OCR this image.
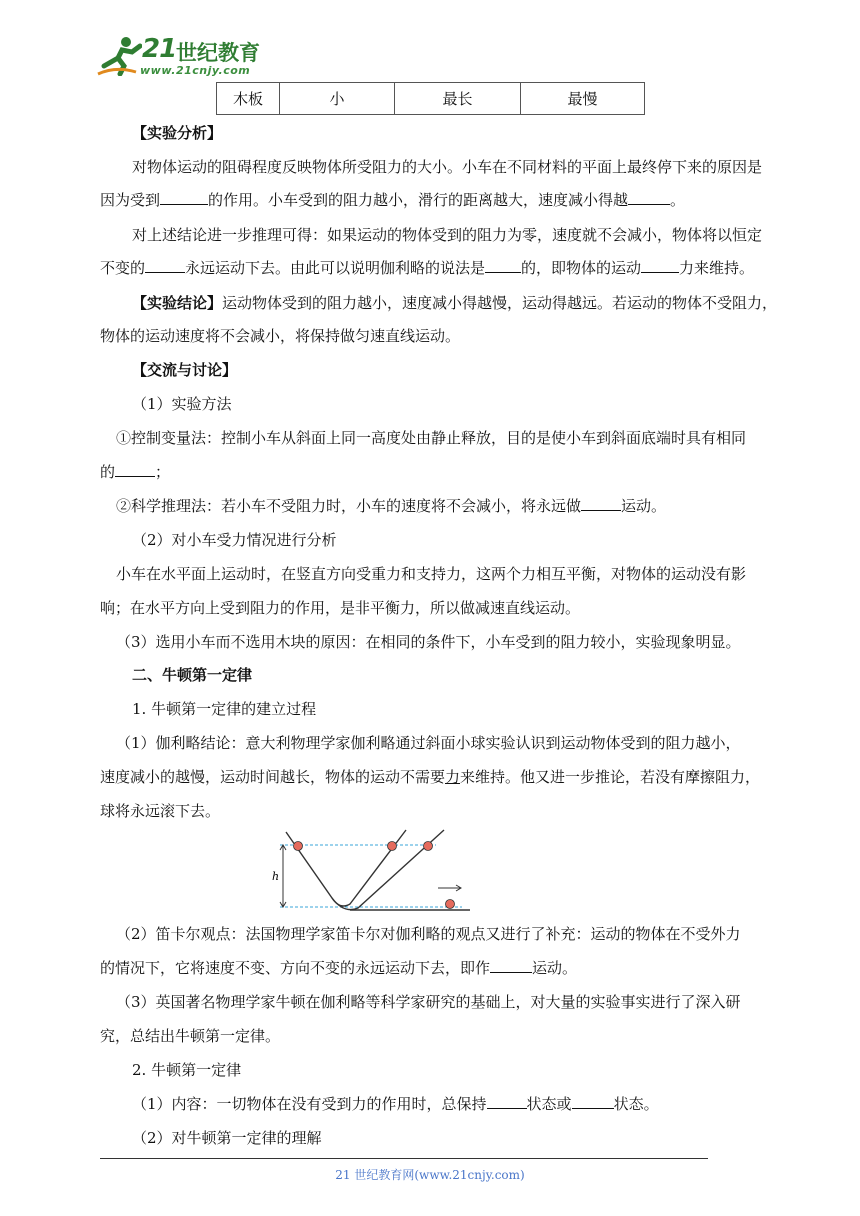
21 世纪教育
www.21cnjy.com
木板	小	最长	最慢
【实验分析】
对物体运动的阻碍程度反映物体所受阻力的大小。小车在不同材料的平面上最终停下来的原因是
因为受到	的作用。小车受到的阻力越小，滑行的距离越大，速度减小得越	。
对上述结论进一步推理可得：如果运动的物体受到的阻力为零，速度就不会减小，物体将以恒定
不变的	永远运动下去。由此可以说明伽利略的说法是 的，即物体的运动	力来维持。
【实验结论】运动物体受到的阻力越小，速度减小得越慢，运动得越远。若运动的物体不受阻力，
物体的运动速度将不会减小，将保持做匀速直线运动。
【交流与讨论】
（1）实验方法
①控制变量法：控制小车从斜面上同一高度处由静止释放，目的是使小车到斜面底端时具有相同
的	；
②科学推理法：若小车不受阻力时，小车的速度将不会减小，将永远做	运动。
（2）对小车受力情况进行分析
小车在水平面上运动时，在竖直方向受重力和支持力，这两个力相互平衡，对物体的运动没有影
响；在水平方向上受到阻力的作用，是非平衡力，所以做减速直线运动。
（3）选用小车而不选用木块的原因：在相同的条件下，小车受到的阻力较小，实验现象明显。
二、牛顿第一定律
1. 牛顿第一定律的建立过程
（1）伽利略结论：意大利物理学家伽利略通过斜面小球实验认识到运动物体受到的阻力越小，
速度减小的越慢，运动时间越长，物体的运动不需要力来维持。他又进一步推论，若没有摩擦阻力，
球将永远滚下去。
h
（2）笛卡尔观点：法国物理学家笛卡尔对伽利略的观点又进行了补充：运动的物体在不受外力
的情况下，它将速度不变、方向不变的永远运动下去，即作	运动。
（3）英国著名物理学家牛顿在伽利略等科学家研究的基础上，对大量的实验事实进行了深入研
究，总结出牛顿第一定律。
2. 牛顿第一定律
（1）内容：一切物体在没有受到力的作用时，总保持	状态或	状态。
（2）对牛顿第一定律的理解
21 世纪教育网(www.21cnjy.com)
